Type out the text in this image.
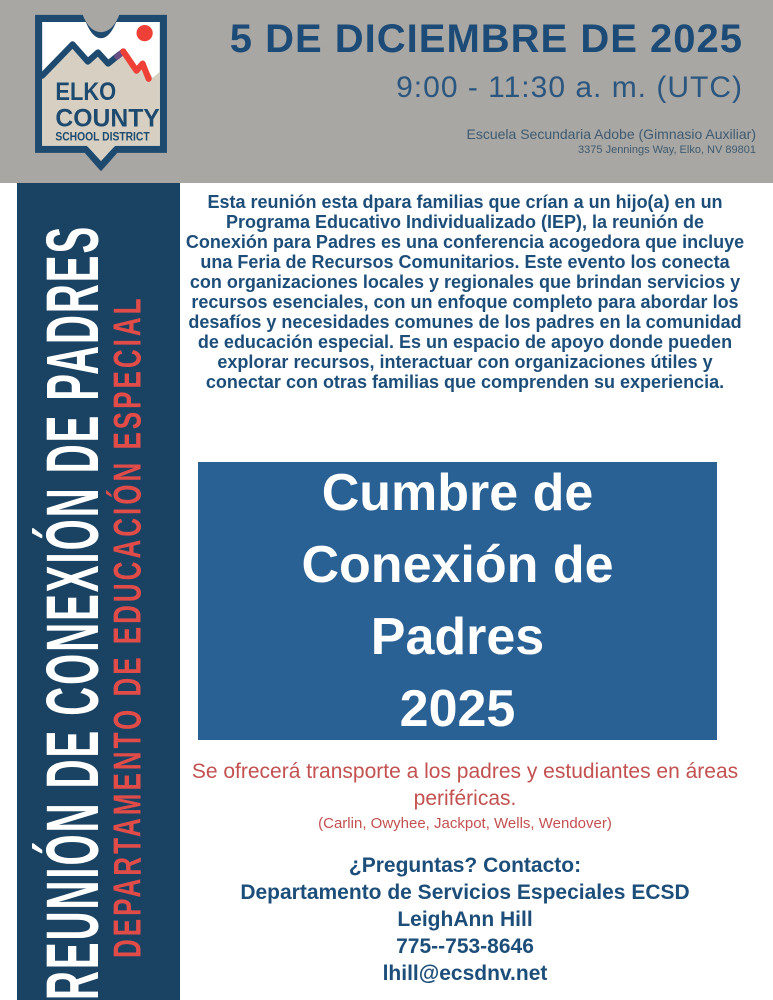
ELKO
COUNTY
SCHOOL DISTRICT
5 DE DICIEMBRE DE 2025
9:00 - 11:30 a. m. (UTC)
Escuela Secundaria Adobe (Gimnasio Auxiliar)
3375 Jennings Way, Elko, NV 89801
REUNIÓN DE CONEXIÓN DE PADRES
DEPARTAMENTO DE EDUCACIÓN ESPECIAL
Esta reunión esta dpara familias que crían a un hijo(a) en un Programa Educativo Individualizado (IEP), la reunión de Conexión para Padres es una conferencia acogedora que incluye una Feria de Recursos Comunitarios. Este evento los conecta con organizaciones locales y regionales que brindan servicios y recursos esenciales, con un enfoque completo para abordar los desafíos y necesidades comunes de los padres en la comunidad de educación especial. Es un espacio de apoyo donde pueden explorar recursos, interactuar con organizaciones útiles y conectar con otras familias que comprenden su experiencia.
Cumbre de
Conexión de
Padres
2025
Se ofrecerá transporte a los padres y estudiantes en áreas periféricas.
(Carlin, Owyhee, Jackpot, Wells, Wendover)
¿Preguntas? Contacto:
Departamento de Servicios Especiales ECSD
LeighAnn Hill
775--753-8646
lhill@ecsdnv.net
